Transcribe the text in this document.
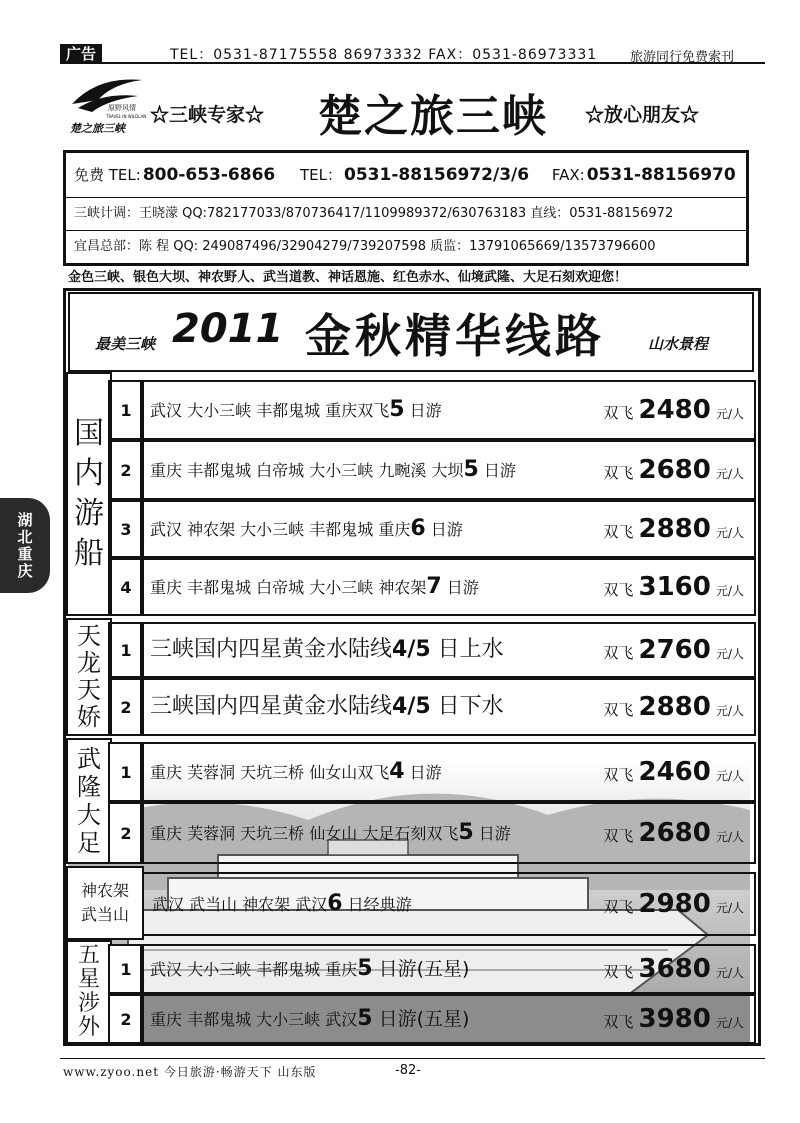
广告	TEL：0531-87175558 86973332 FAX：0531-86973331	旅游同行免费索刊
原野风情
TRAVEL IN WILDLAND
楚之旅三峡
☆三峡专家☆ 楚之旅三峡 ☆放心朋友☆
免费 TEL: 800-653-6866 TEL： 0531-88156972/3/6 FAX: 0531-88156970
三峡计调：王晓濛 QQ:782177033/870736417/1109989372/630763183 直线：0531-88156972
宜昌总部：陈 程 QQ: 249087496/32904279/739207598 质监：13791065669/13573796600
金色三峡、银色大坝、神农野人、武当道教、神话恩施、红色赤水、仙境武隆、大足石刻欢迎您！
最美三峡 2011 金秋精华线路	山水景程
国内游船
1	武汉 大小三峡 丰都鬼城 重庆双飞5 日游	双飞 2480 元/人
2	重庆 丰都鬼城 白帝城 大小三峡 九畹溪 大坝5 日游	双飞 2680 元/人
3	武汉 神农架 大小三峡 丰都鬼城 重庆6 日游	双飞 2880 元/人
4	重庆 丰都鬼城 白帝城 大小三峡 神农架7 日游	双飞 3160 元/人
天龙天娇
1 三峡国内四星黄金水陆线4/5 日上水	双飞 2760 元/人
2 三峡国内四星黄金水陆线4/5 日下水	双飞 2880 元/人
武隆大足
1	重庆 芙蓉洞 天坑三桥 仙女山双飞4 日游	双飞 2460 元/人
2	重庆 芙蓉洞 天坑三桥 仙女山 大足石刻双飞5 日游	双飞 2680 元/人
神农架武当山
武汉 武当山 神农架 武汉6 日经典游	双飞 2980 元/人
五星涉外
1	武汉 大小三峡 丰都鬼城 重庆5 日游(五星)	双飞 3680 元/人
2	重庆 丰都鬼城 大小三峡 武汉5 日游(五星)	双飞 3980 元/人
湖北重庆
www.zyoo.net 今日旅游·畅游天下 山东版	-82-
